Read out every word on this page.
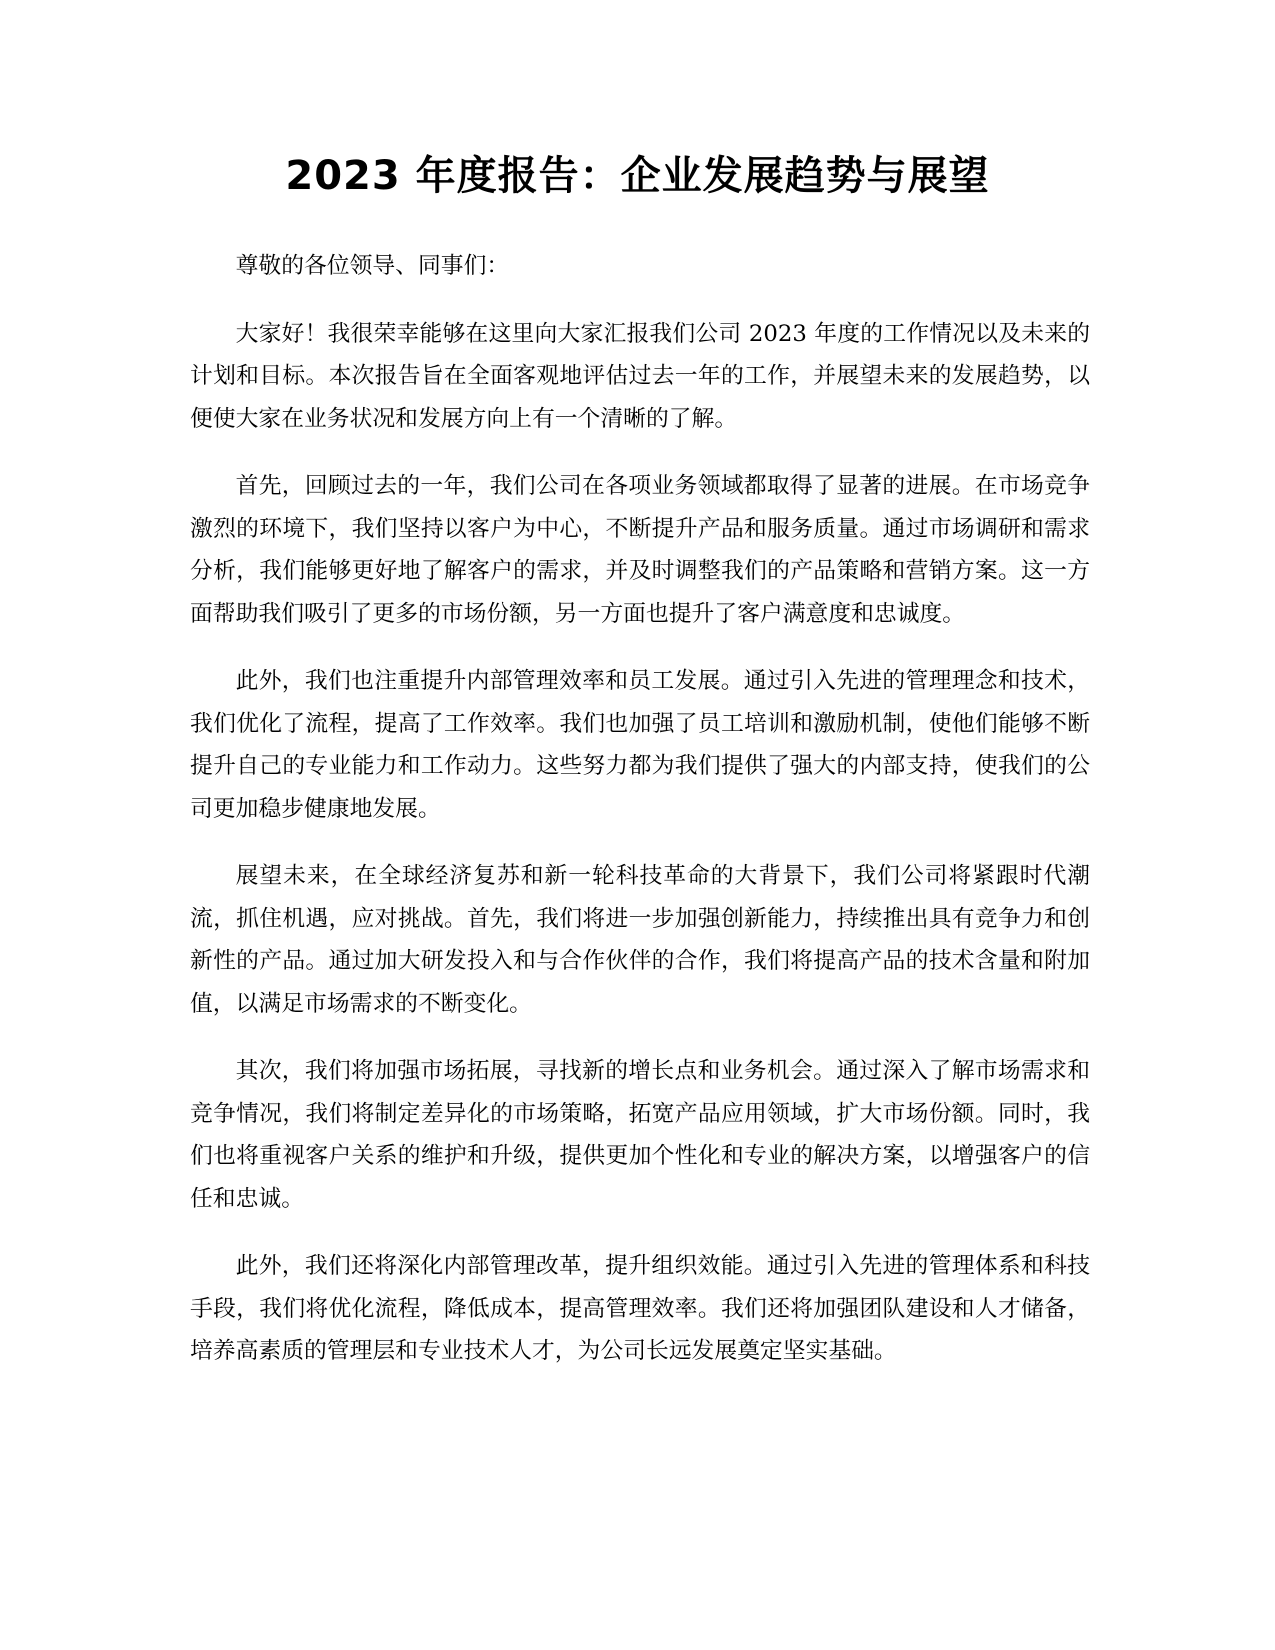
2023 年度报告：企业发展趋势与展望

尊敬的各位领导、同事们：

大家好！我很荣幸能够在这里向大家汇报我们公司 2023 年度的工作情况以及未来的计划和目标。本次报告旨在全面客观地评估过去一年的工作，并展望未来的发展趋势，以便使大家在业务状况和发展方向上有一个清晰的了解。

首先，回顾过去的一年，我们公司在各项业务领域都取得了显著的进展。在市场竞争激烈的环境下，我们坚持以客户为中心，不断提升产品和服务质量。通过市场调研和需求分析，我们能够更好地了解客户的需求，并及时调整我们的产品策略和营销方案。这一方面帮助我们吸引了更多的市场份额，另一方面也提升了客户满意度和忠诚度。

此外，我们也注重提升内部管理效率和员工发展。通过引入先进的管理理念和技术，我们优化了流程，提高了工作效率。我们也加强了员工培训和激励机制，使他们能够不断提升自己的专业能力和工作动力。这些努力都为我们提供了强大的内部支持，使我们的公司更加稳步健康地发展。

展望未来，在全球经济复苏和新一轮科技革命的大背景下，我们公司将紧跟时代潮流，抓住机遇，应对挑战。首先，我们将进一步加强创新能力，持续推出具有竞争力和创新性的产品。通过加大研发投入和与合作伙伴的合作，我们将提高产品的技术含量和附加值，以满足市场需求的不断变化。

其次，我们将加强市场拓展，寻找新的增长点和业务机会。通过深入了解市场需求和竞争情况，我们将制定差异化的市场策略，拓宽产品应用领域，扩大市场份额。同时，我们也将重视客户关系的维护和升级，提供更加个性化和专业的解决方案，以增强客户的信任和忠诚。

此外，我们还将深化内部管理改革，提升组织效能。通过引入先进的管理体系和科技手段，我们将优化流程，降低成本，提高管理效率。我们还将加强团队建设和人才储备，培养高素质的管理层和专业技术人才，为公司长远发展奠定坚实基础。
